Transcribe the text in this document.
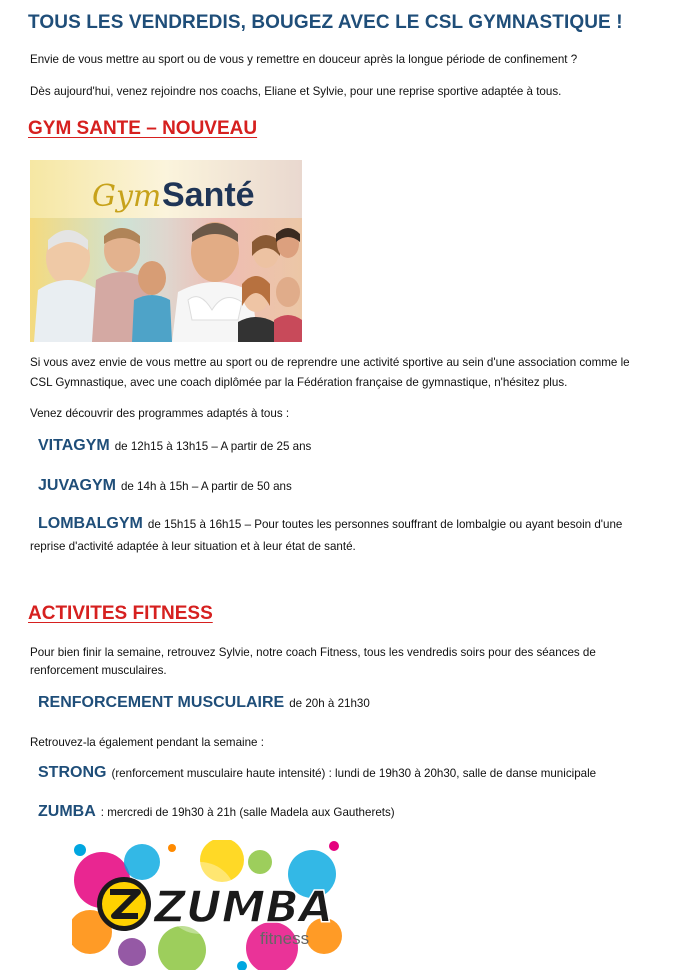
TOUS LES VENDREDIS, BOUGEZ AVEC LE CSL GYMNASTIQUE !

Envie de vous mettre au sport ou de vous y remettre en douceur après la longue période de confinement ?

Dès aujourd'hui, venez rejoindre nos coachs, Eliane et Sylvie, pour une reprise sportive adaptée à tous.

GYM SANTE – NOUVEAU
Gym Santé

Si vous avez envie de vous mettre au sport ou de reprendre une activité sportive au sein d'une association comme le

CSL Gymnastique, avec une coach diplômée par la Fédération française de gymnastique, n'hésitez plus.

Venez découvrir des programmes adaptés à tous :

VITAGYM de 12h15 à 13h15 – A partir de 25 ans
JUVAGYM de 14h à 15h – A partir de 50 ans
LOMBALGYM de 15h15 à 16h15 – Pour toutes les personnes souffrant de lombalgie ou ayant besoin d'une
reprise d'activité adaptée à leur situation et à leur état de santé.
ACTIVITES FITNESS

Pour bien finir la semaine, retrouvez Sylvie, notre coach Fitness, tous les vendredis soirs pour des séances de

renforcement musculaires.

RENFORCEMENT MUSCULAIRE de 20h à 21h30

Retrouvez-la également pendant la semaine :

STRONG (renforcement musculaire haute intensité) : lundi de 19h30 à 20h30, salle de danse municipale
ZUMBA : mercredi de 19h30 à 21h (salle Madela aux Gautherets)
ZUMBA
fitness
